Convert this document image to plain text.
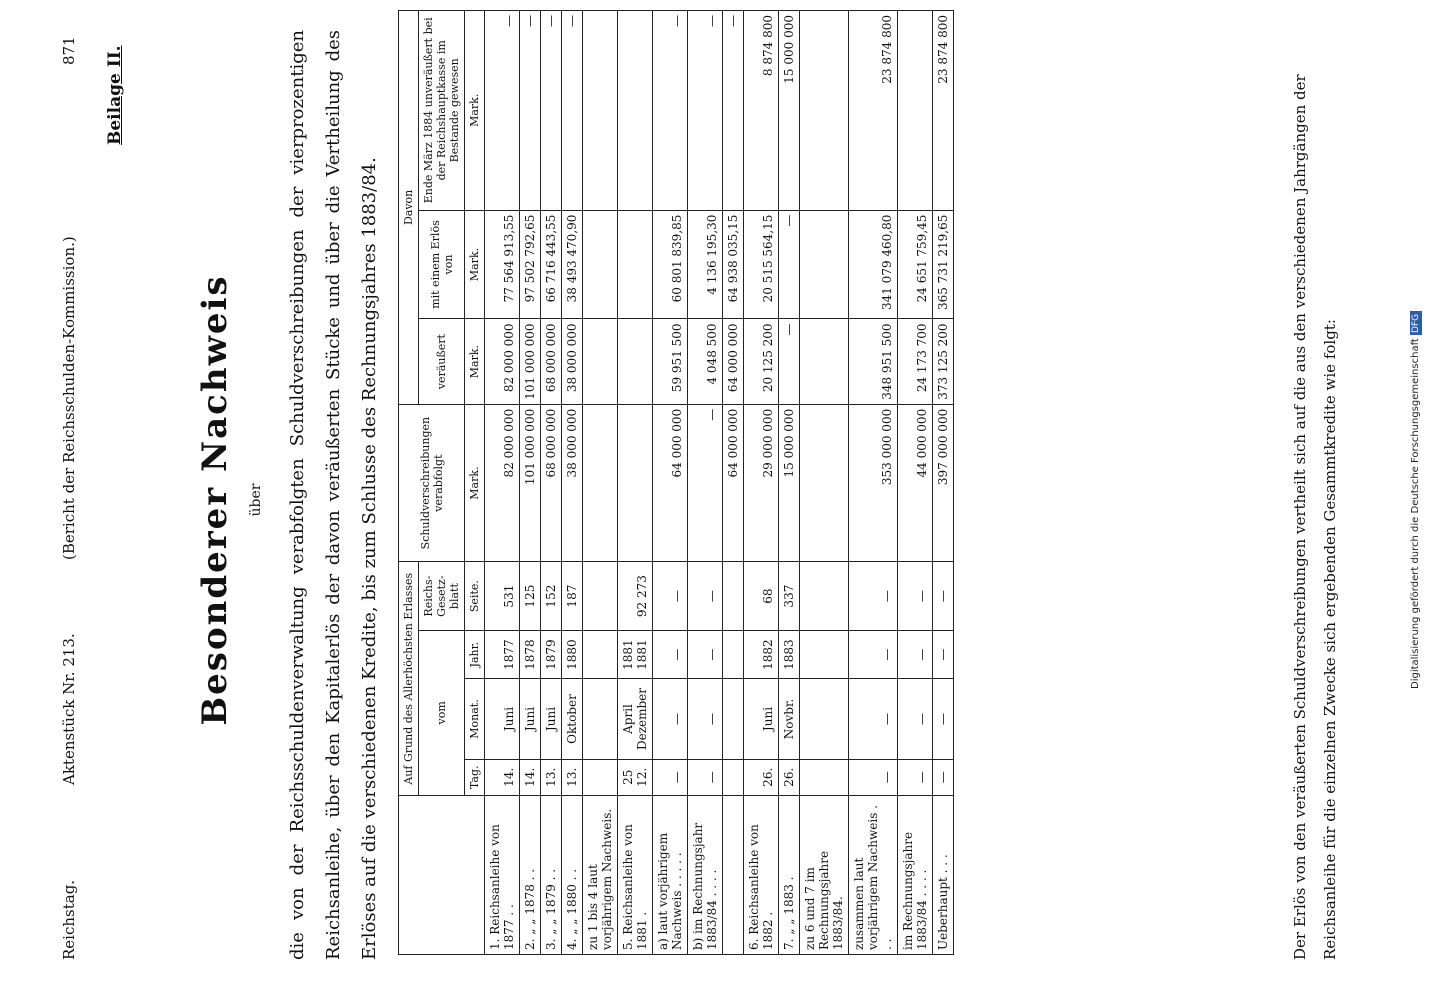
Reichstag.
Aktenstück Nr. 213.
(Bericht der Reichsschulden-Kommission.)
871 Beilage II.
Besonderer Nachweis über	die von der Reichsschuldenverwaltung verabfolgten Schuldverschreibungen der vierprozentigen Reichsanleihe, über den Kapitalerlös der davon veräußerten Stücke und über die Vertheilung des Erlöses auf die verschiedenen Kredite, bis zum Schlusse des Rechnungsjahres 1883/84.
		Auf Grund des Allerhöchsten Erlasses				Schuldverschreibungen verabfolgt	Davon		
	vom			Reichs-Gesetz-blatt		veräußert	mit einem Erlös von	Ende März 1884 unveräußert bei der Reichshauptkasse im Bestande gewesen
	Tag.	Monat.	Jahr.	Seite.	Mark.	Mark.	Mark.	Mark.
1. Reichsanleihe von 1877 . .	14.	Juni	1877	531	82 000 000	82 000 000	77 564 913,55	—
2. „ „ 1878 . .	14.	Juni	1878	125	101 000 000	101 000 000	97 502 792,65	—
3. „ „ 1879 . .	13.	Juni	1879	152	68 000 000	68 000 000	66 716 443,55	—
4. „ „ 1880 . .	13.	Oktober	1880	187	38 000 000	38 000 000	38 493 470,90	—
zu 1 bis 4 laut vorjährigem Nachweis.								
5. Reichsanleihe von 1881 .	25 12.	April Dezember	1881 1881	92 273				
a) laut vorjährigem Nachweis . . . . .	—	—	—	—	64 000 000	59 951 500	60 801 839,85	—
b) im Rechnungsjahr 1883/84 . . . .	—	—	—	—	—	4 048 500	4 136 195,30	—
					64 000 000	64 000 000	64 938 035,15	—
6. Reichsanleihe von 1882 .	26.	Juni	1882	68	29 000 000	20 125 200	20 515 564,15	8 874 800
7. „ „ 1883 .	26.	Novbr.	1883	337	15 000 000	—	—	15 000 000
zu 6 und 7 im Rechnungsjahre 1883/84.								
zusammen laut vorjährigem Nachweis . . .	—	—	—	—	353 000 000	348 951 500	341 079 460,80	23 874 800
im Rechnungsjahre 1883/84 . . . .	—	—	—	—	44 000 000	24 173 700	24 651 759,45	
Ueberhaupt . . .	—	—	—	—	397 000 000	373 125 200	365 731 219,65	23 874 800
Der Erlös von den veräußerten Schuldverschreibungen vertheilt sich auf die aus den verschiedenen Jahrgängen der Reichsanleihe für die einzelnen Zwecke sich ergebenden Gesammtkredite wie folgt:	Digitalisierung gefördert durch die Deutsche Forschungsgemeinschaft DFG
